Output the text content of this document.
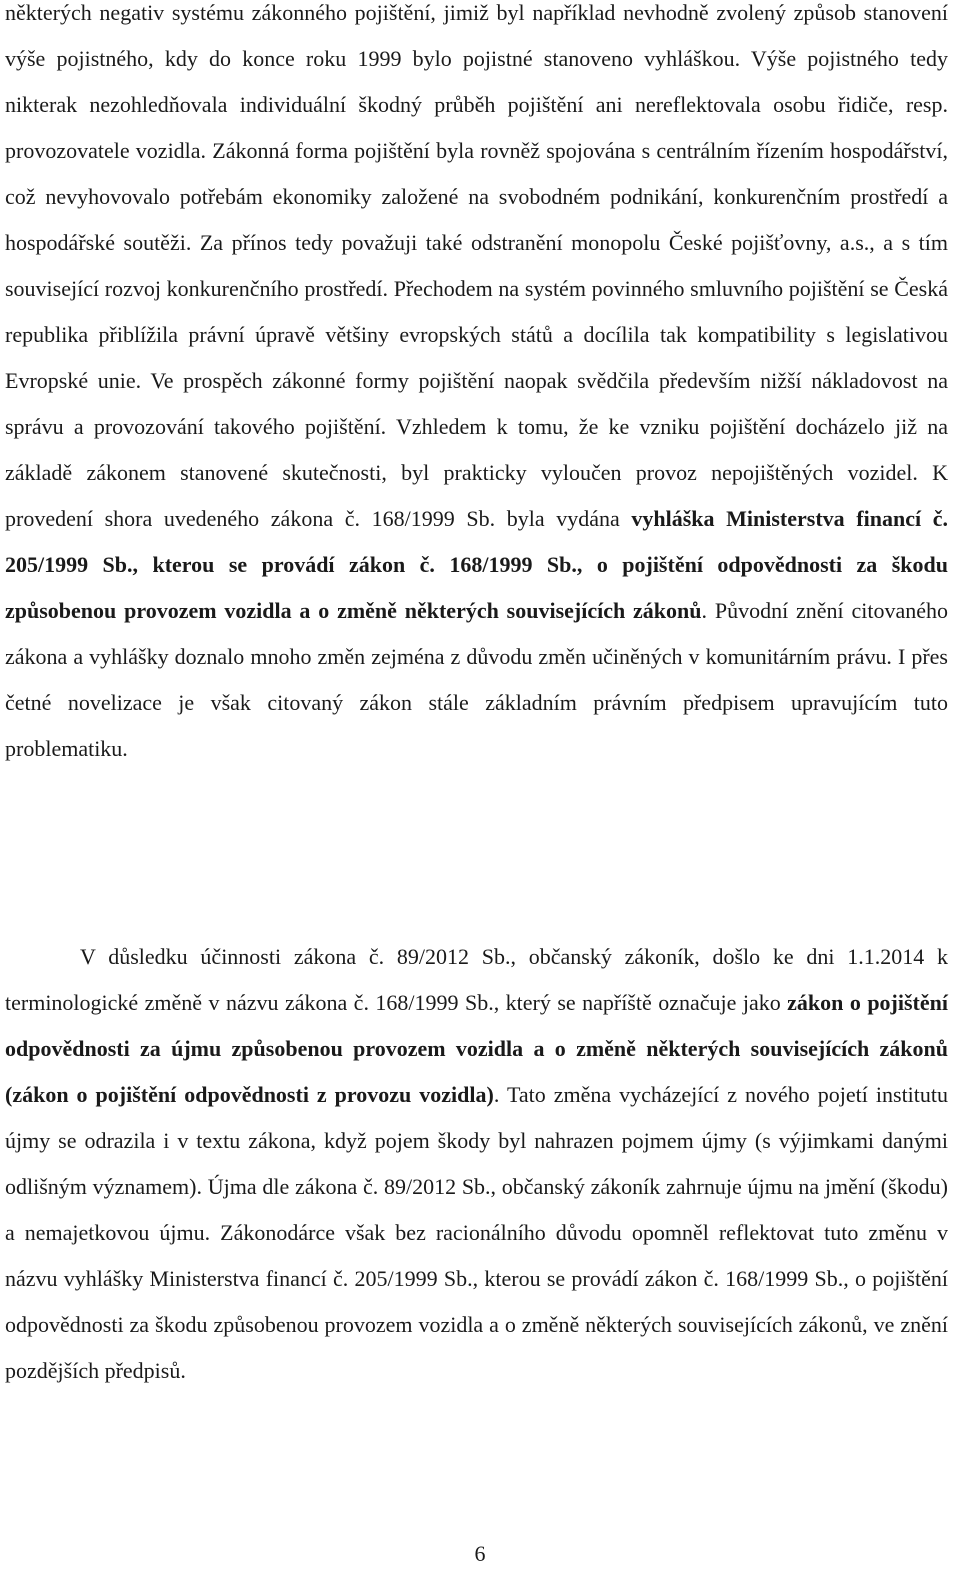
některých negativ systému zákonného pojištění, jimiž byl například nevhodně zvolený způsob stanovení výše pojistného, kdy do konce roku 1999 bylo pojistné stanoveno vyhláškou. Výše pojistného tedy nikterak nezohledňovala individuální škodný průběh pojištění ani nereflektovala osobu řidiče, resp. provozovatele vozidla. Zákonná forma pojištění byla rovněž spojována s centrálním řízením hospodářství, což nevyhovovalo potřebám ekonomiky založené na svobodném podnikání, konkurenčním prostředí a hospodářské soutěži. Za přínos tedy považuji také odstranění monopolu České pojišťovny, a.s., a s tím související rozvoj konkurenčního prostředí. Přechodem na systém povinného smluvního pojištění se Česká republika přiblížila právní úpravě většiny evropských států a docílila tak kompatibility s legislativou Evropské unie. Ve prospěch zákonné formy pojištění naopak svědčila především nižší nákladovost na správu a provozování takového pojištění. Vzhledem k tomu, že ke vzniku pojištění docházelo již na základě zákonem stanovené skutečnosti, byl prakticky vyloučen provoz nepojištěných vozidel. K provedení shora uvedeného zákona č. 168/1999 Sb. byla vydána vyhláška Ministerstva financí č. 205/1999 Sb., kterou se provádí zákon č. 168/1999 Sb., o pojištění odpovědnosti za škodu způsobenou provozem vozidla a o změně některých souvisejících zákonů. Původní znění citovaného zákona a vyhlášky doznalo mnoho změn zejména z důvodu změn učiněných v komunitárním právu. I přes četné novelizace je však citovaný zákon stále základním právním předpisem upravujícím tuto problematiku.

V důsledku účinnosti zákona č. 89/2012 Sb., občanský zákoník, došlo ke dni 1.1.2014 k terminologické změně v názvu zákona č. 168/1999 Sb., který se napříště označuje jako zákon o pojištění odpovědnosti za újmu způsobenou provozem vozidla a o změně některých souvisejících zákonů (zákon o pojištění odpovědnosti z provozu vozidla). Tato změna vycházející z nového pojetí institutu újmy se odrazila i v textu zákona, když pojem škody byl nahrazen pojmem újmy (s výjimkami danými odlišným významem). Újma dle zákona č. 89/2012 Sb., občanský zákoník zahrnuje újmu na jmění (škodu) a nemajetkovou újmu. Zákonodárce však bez racionálního důvodu opomněl reflektovat tuto změnu v názvu vyhlášky Ministerstva financí č. 205/1999 Sb., kterou se provádí zákon č. 168/1999 Sb., o pojištění odpovědnosti za škodu způsobenou provozem vozidla a o změně některých souvisejících zákonů, ve znění pozdějších předpisů.

6
